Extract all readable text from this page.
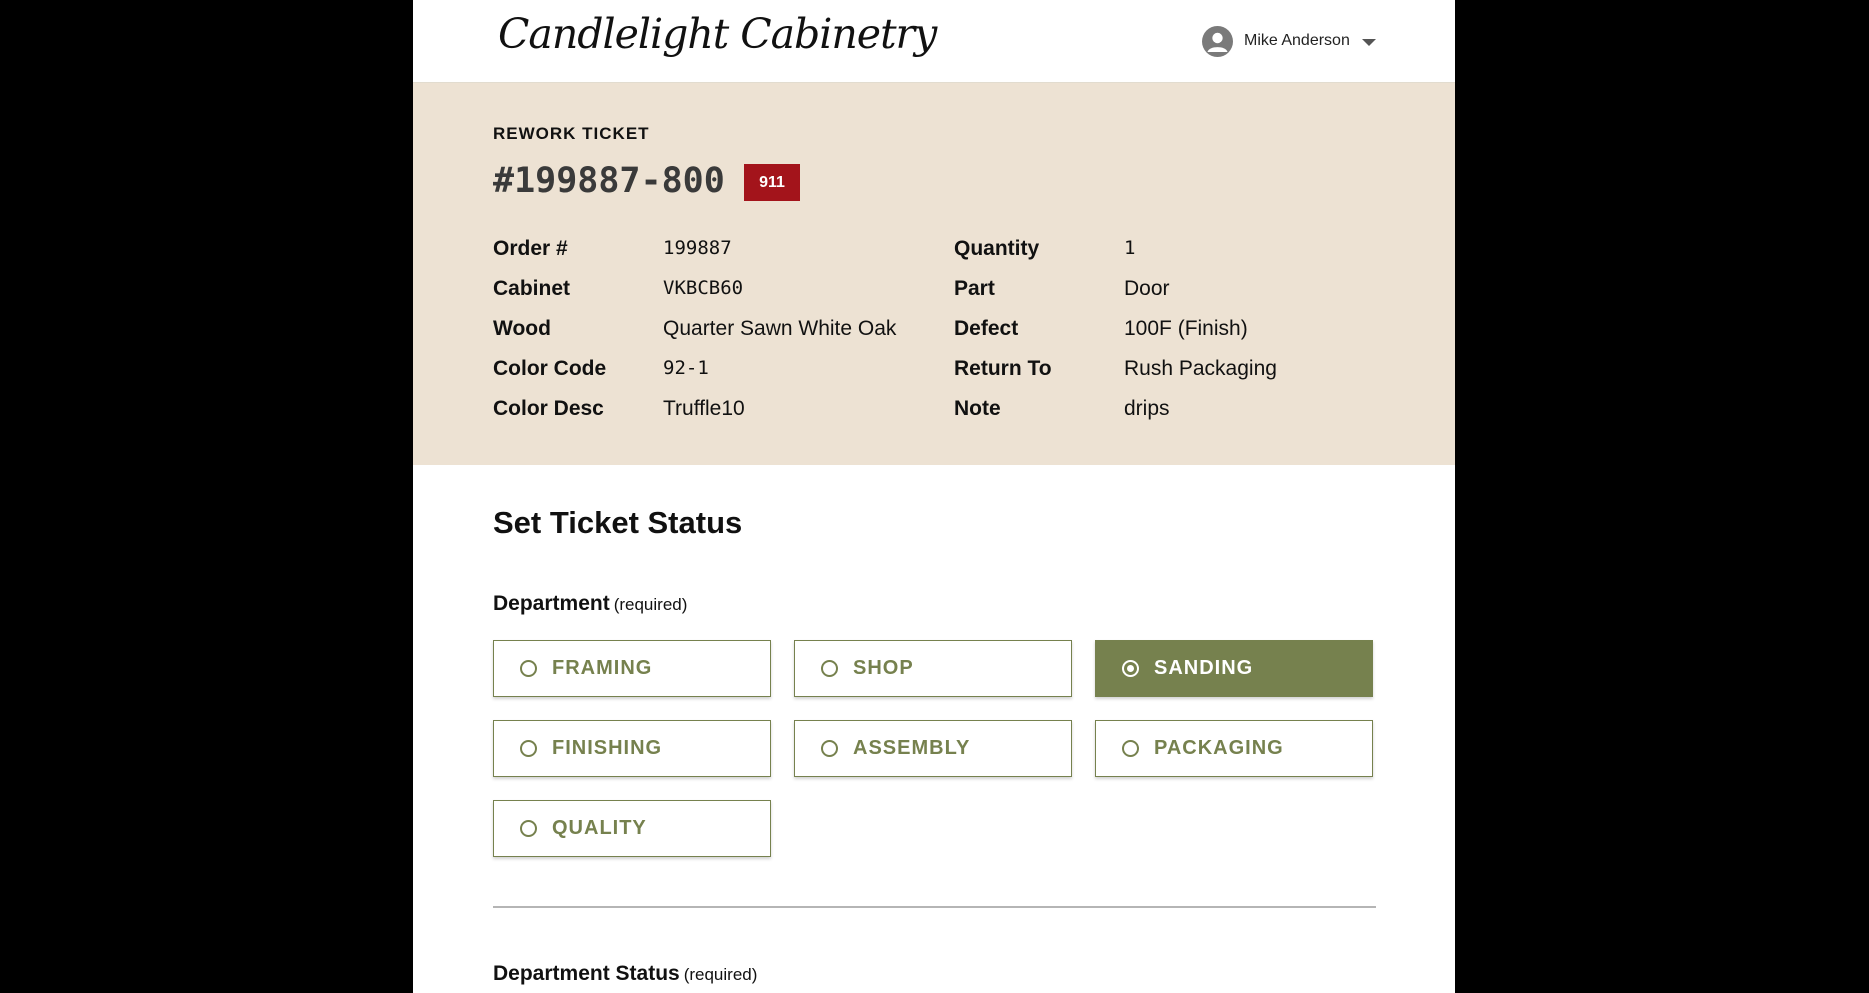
Candlelight Cabinetry	Mike Anderson
REWORK TICKET
#199887-800	911
Order #	199887
Cabinet	VKBCB60
Wood	Quarter Sawn White Oak
Color Code	92-1
Color Desc	Truffle10
Quantity	1
Part	Door
Defect	100F (Finish)
Return To	Rush Packaging
Note	drips
Set Ticket Status
Department (required)
FRAMING	SHOP	SANDING
FINISHING	ASSEMBLY	PACKAGING
QUALITY
Department Status (required)
